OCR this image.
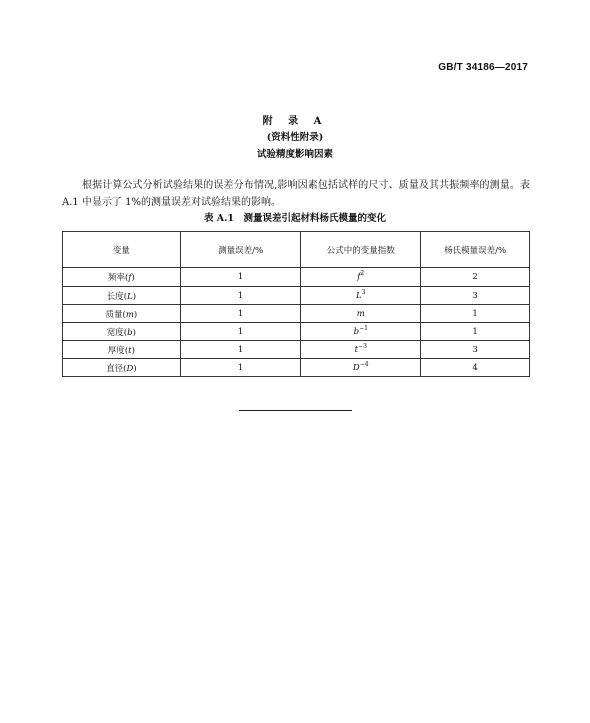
GB/T 34186—2017
附 录 A
(资料性附录)
试验精度影响因素

根据计算公式分析试验结果的误差分布情况,影响因素包括试样的尺寸、质量及其共振频率的测量。表 A.1 中显示了 1%的测量误差对试验结果的影响。

表 A.1　测量误差引起材料杨氏模量的变化
变量	测量误差/%	公式中的变量指数	杨氏模量误差/%
频率(f)	1	$f^2$	2
长度(L)	1	$L^3$	3
质量(m)	1	m	1
宽度(b)	1	$b^{-1}$	1
厚度(t)	1	$t^{-3}$	3
直径(D)	1	$D^{-4}$	4
